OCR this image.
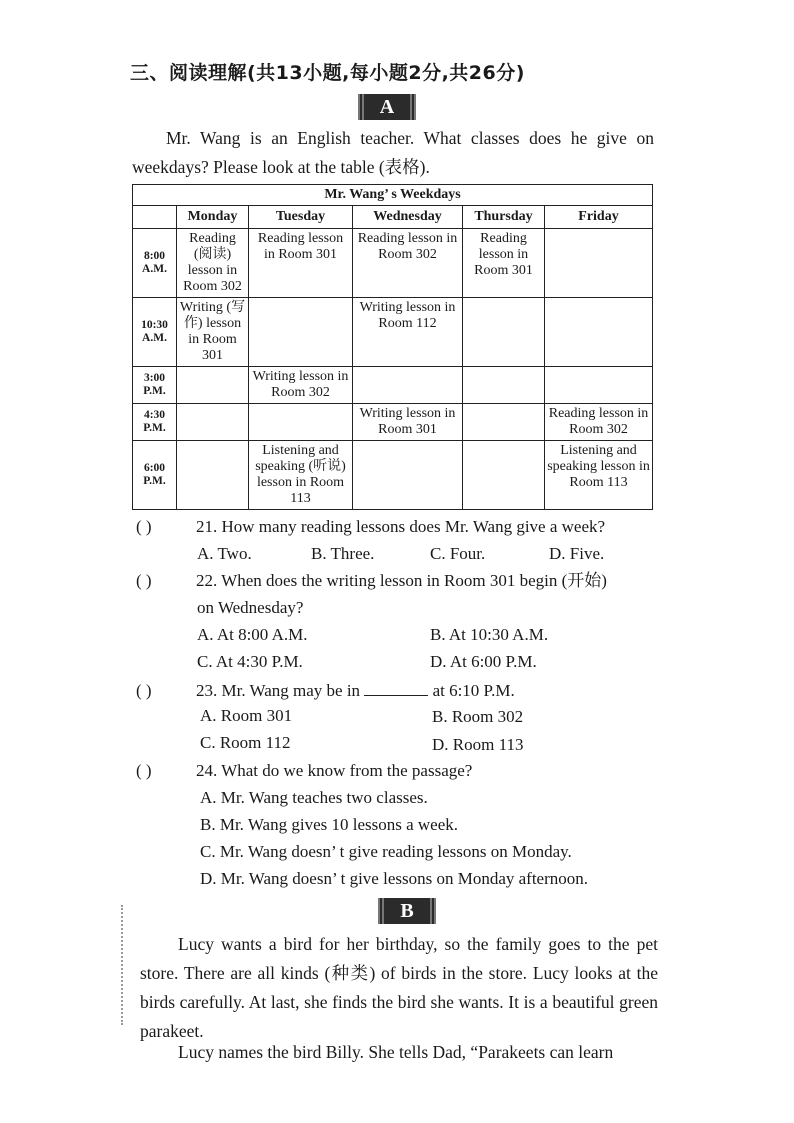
三、阅读理解(共13小题,每小题2分,共26分)
A
Mr. Wang is an English teacher. What classes does he give on weekdays? Please look at the table (表格).
Mr. Wang’ s Weekdays					
	Monday	Tuesday	Wednesday	Thursday	Friday
8:00 A.M.	Reading (阅读) lesson in Room 302	Reading lesson in Room 301	Reading lesson in Room 302	Reading lesson in Room 301	
10:30 A.M.	Writing (写作) lesson in Room 301		Writing lesson in Room 112		
3:00 P.M.		Writing lesson in Room 302			
4:30 P.M.			Writing lesson in Room 301		Reading lesson in Room 302
6:00 P.M.		Listening and speaking (听说) lesson in Room 113			Listening and speaking lesson in Room 113
( )	21. How many reading lessons does Mr. Wang give a week?
A. Two.	B. Three.	C. Four.	D. Five.
( )	22. When does the writing lesson in Room 301 begin (开始)
on Wednesday?
A. At 8:00 A.M.	B. At 10:30 A.M.
C. At 4:30 P.M.	D. At 6:00 P.M.
( )	23. Mr. Wang may be in	at 6:10 P.M.
A. Room 301	B. Room 302
C. Room 112	D. Room 113
( )	24. What do we know from the passage?
A. Mr. Wang teaches two classes.
B. Mr. Wang gives 10 lessons a week.
C. Mr. Wang doesn’ t give reading lessons on Monday.
D. Mr. Wang doesn’ t give lessons on Monday afternoon.
B
Lucy wants a bird for her birthday, so the family goes to the pet store. There are all kinds (种类) of birds in the store. Lucy looks at the birds carefully. At last, she finds the bird she wants. It is a beautiful green parakeet.
Lucy names the bird Billy. She tells Dad, “Parakeets can learn
